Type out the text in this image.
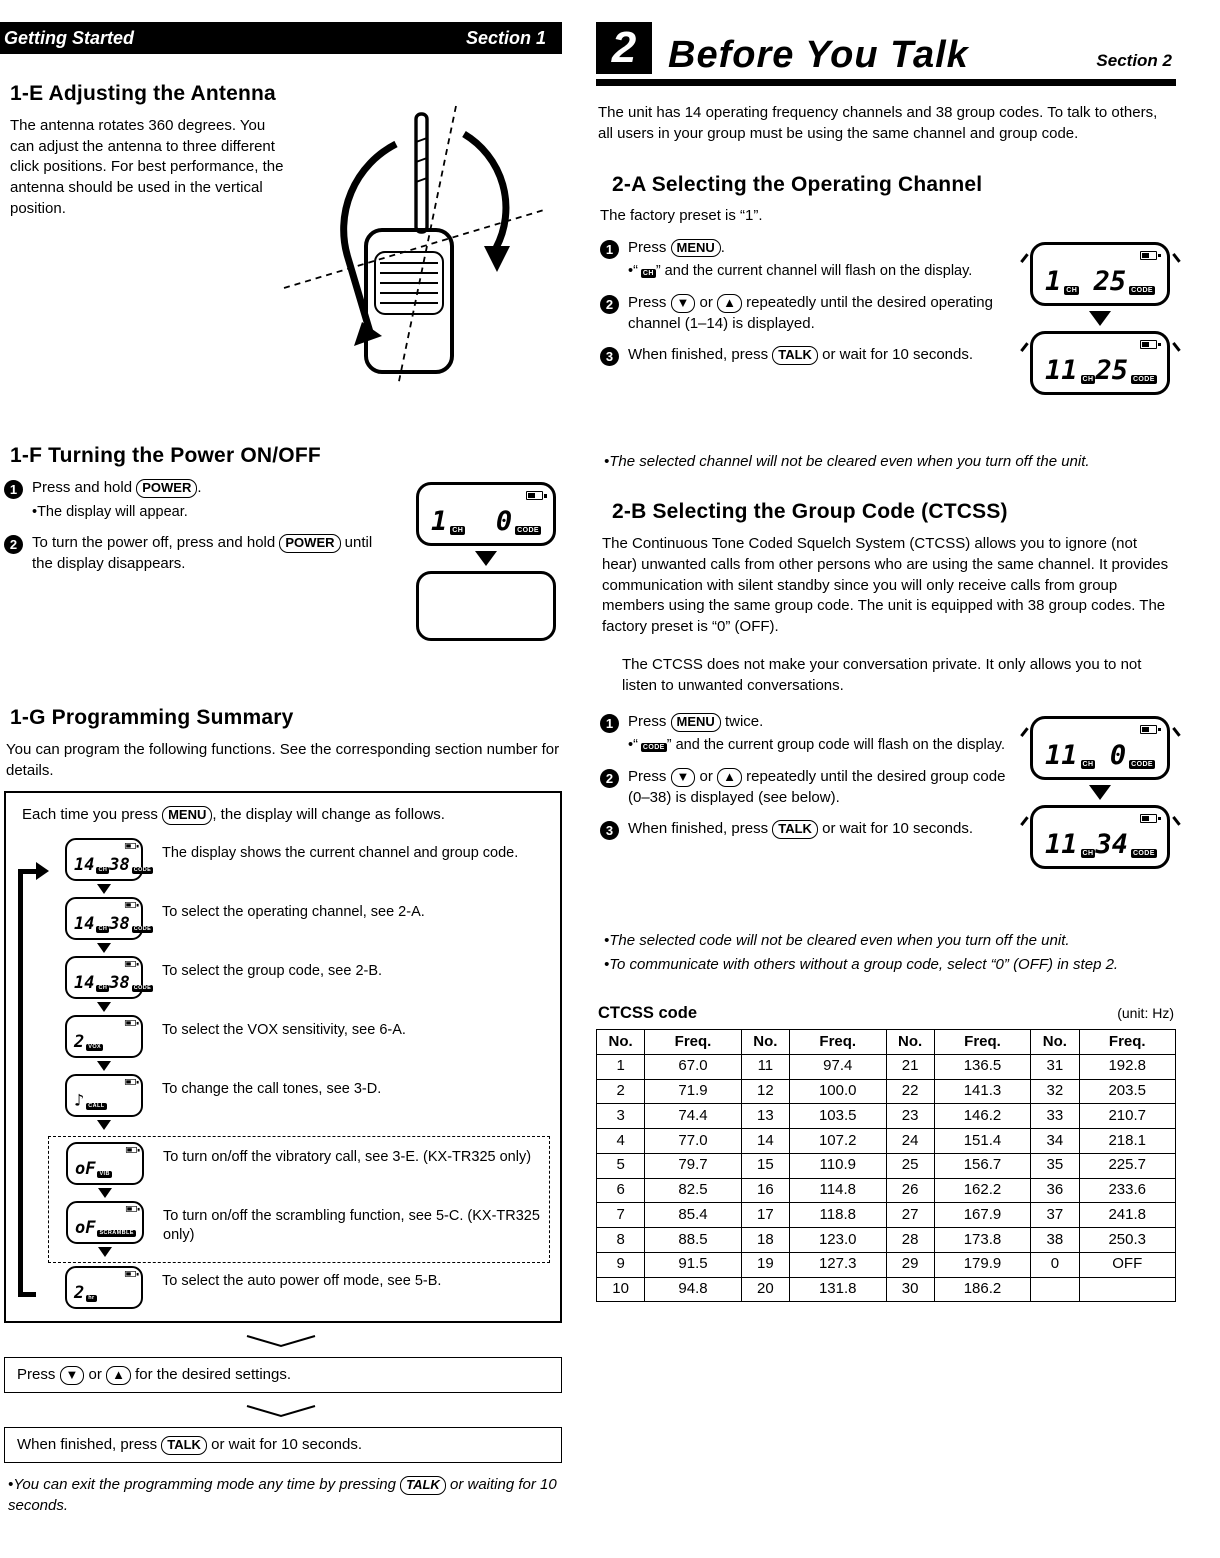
Getting Started	Section 1
1-E Adjusting the Antenna

The antenna rotates 360 degrees. You can adjust the antenna to three different click positions. For best performance, the antenna should be used in the vertical position.

1-F Turning the Power ON/OFF
1 CH 0 CODE
1 Press and hold POWER .
•The display will appear.
2 To turn the power off, press and hold POWER until the display disappears.
1-G Programming Summary

You can program the following functions. See the corresponding section number for details.

Each time you press MENU , the display will change as follows.
14 CH 38 CODE
The display shows the current channel and group code.
14 CH 38 CODE
To select the operating channel, see 2-A.
14 CH 38 CODE
To select the group code, see 2-B.
2 VOX
To select the VOX sensitivity, see 6-A.
♪ CALL
To change the call tones, see 3-D.
oF VIB
To turn on/off the vibratory call, see 3-E. (KX-TR325 only)
oF SCRAMBLE
To turn on/off the scrambling function, see 5-C. (KX-TR325 only)
2 hr
To select the auto power off mode, see 5-B.
Press ▼ or ▲ for the desired settings.
When finished, press TALK or wait for 10 seconds.
•You can exit the programming mode any time by pressing TALK or waiting for 10 seconds.
2 Before You Talk	Section 2

The unit has 14 operating frequency channels and 38 group codes. To talk to others, all users in your group must be using the same channel and group code.

2-A Selecting the Operating Channel

The factory preset is “1”.

1 CH 25 CODE
11 CH 25 CODE
1 Press MENU .
•“ CH ” and the current channel will flash on the display.
2 Press ▼ or ▲ repeatedly until the desired operating channel (1–14) is displayed.
3 When finished, press TALK or wait for 10 seconds.
•The selected channel will not be cleared even when you turn off the unit.
2-B Selecting the Group Code (CTCSS)

The Continuous Tone Coded Squelch System (CTCSS) allows you to ignore (not hear) unwanted calls from other persons who are using the same channel. It provides communication with silent standby since you will only receive calls from group members using the same group code. The unit is equipped with 38 group codes. The factory preset is “0” (OFF).

The CTCSS does not make your conversation private. It only allows you to not listen to unwanted conversations.

11 CH 0 CODE
11 CH 34 CODE
1 Press MENU twice.
•“ CODE ” and the current group code will flash on the display.
2 Press ▼ or ▲ repeatedly until the desired group code (0–38) is displayed (see below).
3 When finished, press TALK or wait for 10 seconds.
•The selected code will not be cleared even when you turn off the unit.
•To communicate with others without a group code, select “0” (OFF) in step 2.
CTCSS code	(unit: Hz)
No.	Freq.	No.	Freq.	No.	Freq.	No.	Freq.
1	67.0	11	97.4	21	136.5	31	192.8
2	71.9	12	100.0	22	141.3	32	203.5
3	74.4	13	103.5	23	146.2	33	210.7
4	77.0	14	107.2	24	151.4	34	218.1
5	79.7	15	110.9	25	156.7	35	225.7
6	82.5	16	114.8	26	162.2	36	233.6
7	85.4	17	118.8	27	167.9	37	241.8
8	88.5	18	123.0	28	173.8	38	250.3
9	91.5	19	127.3	29	179.9	0	OFF
10	94.8	20	131.8	30	186.2		
